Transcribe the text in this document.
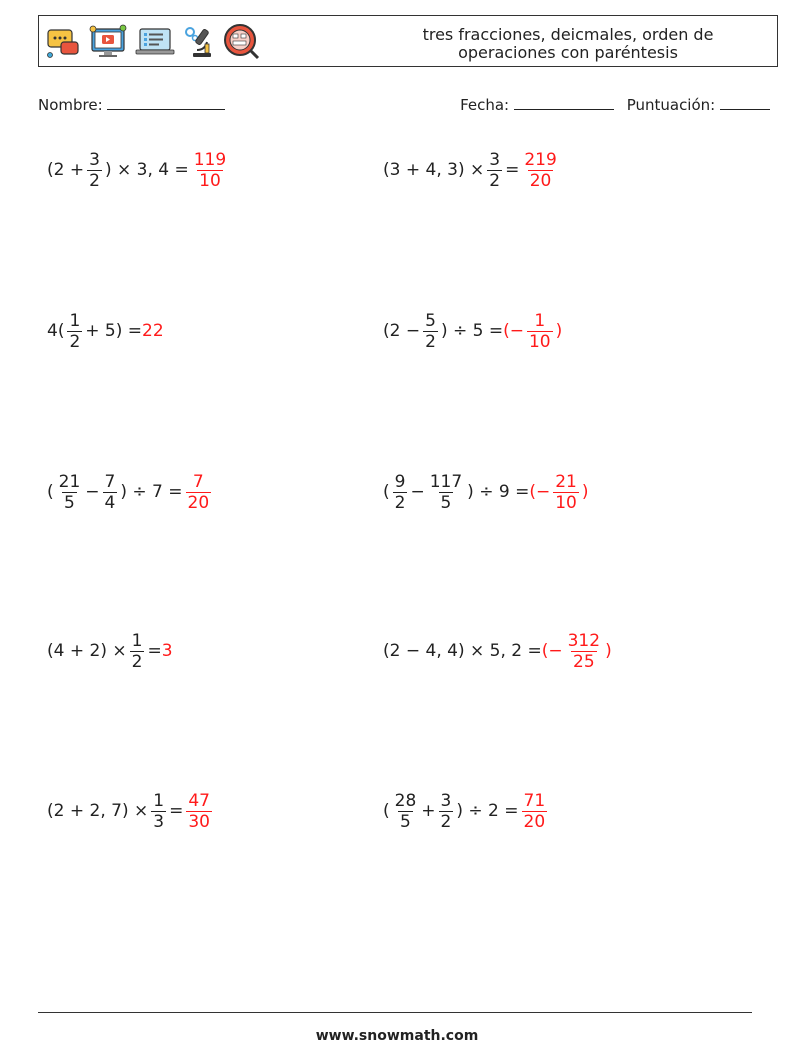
tres fracciones, deicmales, orden de
operaciones con paréntesis
Nombre:	Fecha:	Puntuación:
($2 + \frac{3}{2}$ ) × 3, $4 = \frac{119}{10}$	(3 + 4, $3) \times \frac{3}{2} = \frac{219}{20}$
$4( \frac{1}{2} + 5) = 22$	($2 - \frac{5}{2}$ ) ÷ 5 = (− $\frac{1}{10}$ )
( $\frac{21}{5} - \frac{7}{4}$ ) ÷ $7 = \frac{7}{20}$	( $\frac{9}{2} - \frac{117}{5}$ ) ÷ 9 = (− $\frac{21}{10}$ )
$(4 + 2) \times \frac{1}{2} = 3$	(2 − 4, 4) × 5, 2 = (− $\frac{312}{25}$ )
(2 + 2, $7) \times \frac{1}{3} = \frac{47}{30}$	( $\frac{28}{5} + \frac{3}{2}$ ) ÷ $2 = \frac{71}{20}$
www.snowmath.com
